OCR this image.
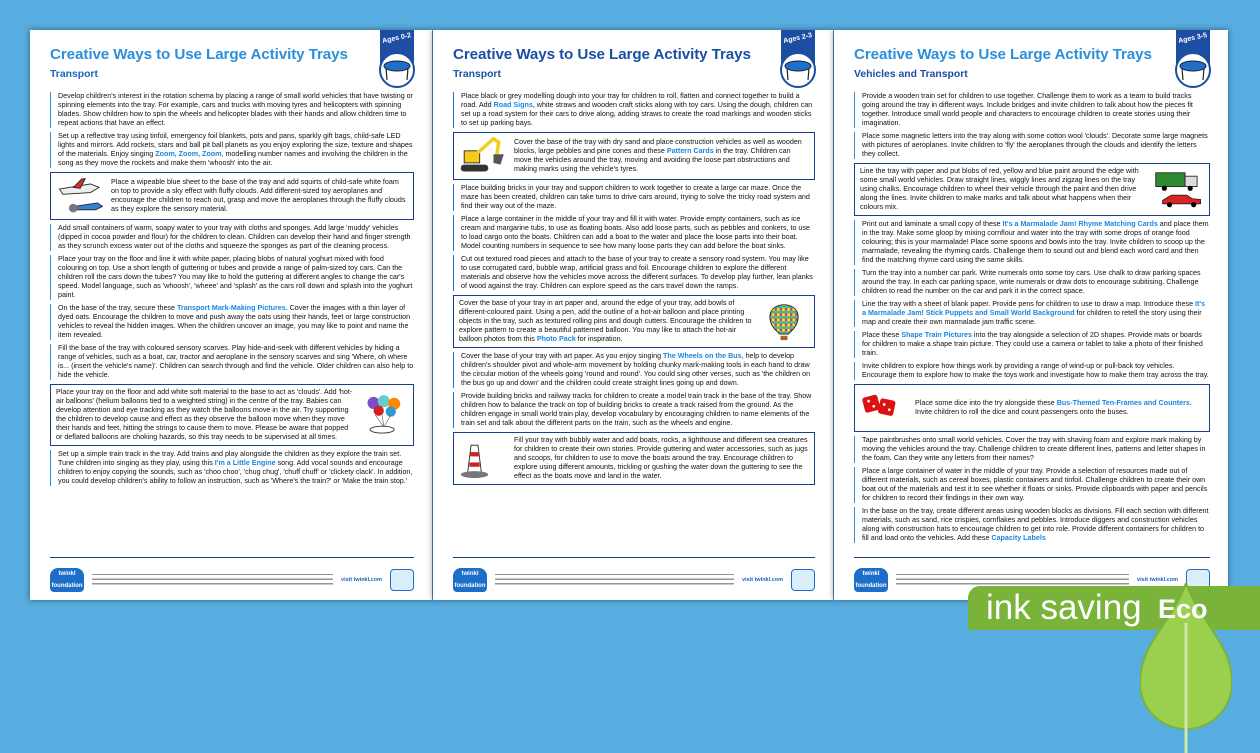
Creative Ways to Use Large Activity Trays
Transport
Ages 0-2
Develop children's interest in the rotation schema by placing a range of small world vehicles that have twisting or spinning elements into the tray. For example, cars and trucks with moving tyres and helicopters with spinning blades. Show children how to spin the wheels and helicopter blades with their hands and allow children time to repeat actions that have an effect.
Set up a reflective tray using tinfoil, emergency foil blankets, pots and pans, sparkly gift bags, child-safe LED lights and mirrors. Add rockets, stars and ball pit ball planets as you enjoy exploring the size, texture and shapes of the materials. Enjoy singing Zoom, Zoom, Zoom, modelling number names and involving the children in the song as they move the rockets and make them 'whoosh' into the air.
Place a wipeable blue sheet to the base of the tray and add squirts of child-safe white foam on top to provide a sky effect with fluffy clouds. Add different-sized toy aeroplanes and encourage the children to reach out, grasp and move the aeroplanes through the fluffy clouds as they explore the sensory material.
Add small containers of warm, soapy water to your tray with cloths and sponges. Add large 'muddy' vehicles (dipped in cocoa powder and flour) for the children to clean. Children can develop their hand and finger strength as they scrunch excess water out of the cloths and squeeze the sponges as part of the cleaning process.
Place your tray on the floor and line it with white paper, placing blobs of natural yoghurt mixed with food colouring on top. Use a short length of guttering or tubes and provide a range of palm-sized toy cars. Can the children roll the cars down the tubes? You may like to hold the guttering at different angles to change the car's speed. Model language, such as 'whoosh', 'wheee' and 'splash' as the cars roll down and splash into the yoghurt paint.
On the base of the tray, secure these Transport Mark-Making Pictures. Cover the images with a thin layer of dyed oats. Encourage the children to move and push away the oats using their hands, feet or large construction vehicles to reveal the hidden images. When the children uncover an image, you may like to point and name the item revealed.
Fill the base of the tray with coloured sensory scarves. Play hide-and-seek with different vehicles by hiding a range of vehicles, such as a boat, car, tractor and aeroplane in the sensory scarves and sing 'Where, oh where is... (insert the vehicle's name)'. Children can search through and find the vehicle. Older children can also help to hide the vehicle.
Place your tray on the floor and add white soft material to the base to act as 'clouds'. Add 'hot-air balloons' (helium balloons tied to a weighted string) in the centre of the tray. Babies can develop attention and eye tracking as they watch the balloons move in the air. Try supporting the children to develop cause and effect as they observe the balloon move when they move their hands and feet, hitting the strings to cause them to move. Please be aware that popped or deflated balloons are choking hazards, so this tray needs to be supervised at all times.
Set up a simple train track in the tray. Add trains and play alongside the children as they explore the train set. Tune children into singing as they play, using this I'm a Little Engine song. Add vocal sounds and encourage children to enjoy copying the sounds, such as 'choo choo', 'chug chug', 'chuff chuff' or 'clickety clack'. In addition, you could develop children's ability to follow an instruction, such as 'Where's the train?' or 'Make the train stop.'
twinkl foundation
visit twinkl.com
Creative Ways to Use Large Activity Trays
Transport
Ages 2-3
Place black or grey modelling dough into your tray for children to roll, flatten and connect together to build a road. Add Road Signs, white straws and wooden craft sticks along with toy cars. Using the dough, children can set up a road system for their cars to drive along, adding straws to create the road markings and wooden sticks to set up parking bays.
Cover the base of the tray with dry sand and place construction vehicles as well as wooden blocks, large pebbles and pine cones and these Pattern Cards in the tray. Children can move the vehicles around the tray, moving and avoiding the loose part obstructions and making marks using the vehicle's tyres.
Place building bricks in your tray and support children to work together to create a large car maze. Once the maze has been created, children can take turns to drive cars around, trying to solve the tricky road system and find their way out of the maze.
Place a large container in the middle of your tray and fill it with water. Provide empty containers, such as ice cream and margarine tubs, to use as floating boats. Also add loose parts, such as pebbles and conkers, to use to load cargo onto the boats. Children can add a boat to the water and place the loose parts into their boat. Model counting numbers in sequence to see how many loose parts they can add before the boat sinks.
Cut out textured road pieces and attach to the base of your tray to create a sensory road system. You may like to use corrugated card, bubble wrap, artificial grass and foil. Encourage children to explore the different materials and observe how the vehicles move across the different surfaces. To develop play further, lean planks of wood against the tray. Children can explore speed as the cars travel down the ramps.
Cover the base of your tray in art paper and, around the edge of your tray, add bowls of different-coloured paint. Using a pen, add the outline of a hot-air balloon and place printing objects in the tray, such as textured rolling pins and dough cutters. Encourage the children to explore pattern to create a beautiful patterned balloon. You may like to attach the hot-air balloon photos from this Photo Pack for inspiration.
Cover the base of your tray with art paper. As you enjoy singing The Wheels on the Bus, help to develop children's shoulder pivot and whole-arm movement by holding chunky mark-making tools in each hand to draw the circular motion of the wheels going 'round and round'. You could sing other verses, such as 'the children on the bus go up and down' and the children could create straight lines going up and down.
Provide building bricks and railway tracks for children to create a model train track in the base of the tray. Show children how to balance the track on top of building bricks to create a track raised from the ground. As the children engage in small world train play, develop vocabulary by encouraging children to name elements of the train set and talk about the different parts on the train, such as the wheels and engine.
Fill your tray with bubbly water and add boats, rocks, a lighthouse and different sea creatures for children to create their own stories. Provide guttering and water accessories, such as jugs and scoops, for children to use to move the boats around the tray. Encourage children to explore using different amounts, trickling or gushing the water down the guttering to see the effect as the boats move and land in the water.
twinkl foundation
visit twinkl.com
Creative Ways to Use Large Activity Trays
Vehicles and Transport
Ages 3-5
Provide a wooden train set for children to use together. Challenge them to work as a team to build tracks going around the tray in different ways. Include bridges and invite children to talk about how the pieces fit together. Introduce small world people and characters to encourage children to create stories using their imagination.
Place some magnetic letters into the tray along with some cotton wool 'clouds'. Decorate some large magnets with pictures of aeroplanes. Invite children to 'fly' the aeroplanes through the clouds and identify the letters they collect.
Line the tray with paper and put blobs of red, yellow and blue paint around the edge with some small world vehicles. Draw straight lines, wiggly lines and zigzag lines on the tray using chalks. Encourage children to wheel their vehicle through the paint and then drive along the lines. Invite children to make marks and talk about what happens when their colours mix.
Print out and laminate a small copy of these It's a Marmalade Jam! Rhyme Matching Cards and place them in the tray. Make some gloop by mixing cornflour and water into the tray with some drops of orange food colouring; this is your marmalade! Place some spoons and bowls into the tray. Invite children to scoop up the marmalade, revealing the rhyming cards. Challenge them to sound out and blend each word card and then find the matching rhyme card using the same skills.
Turn the tray into a number car park. Write numerals onto some toy cars. Use chalk to draw parking spaces around the tray. In each car parking space, write numerals or draw dots to encourage subitising. Challenge children to read the number on the car and park it in the correct space.
Line the tray with a sheet of blank paper. Provide pens for children to use to draw a map. Introduce these It's a Marmalade Jam! Stick Puppets and Small World Background for children to retell the story using their map and create their own marmalade jam traffic scene.
Place these Shape Train Pictures into the tray alongside a selection of 2D shapes. Provide mats or boards for children to make a shape train picture. They could use a camera or tablet to take a photo of their finished train.
Invite children to explore how things work by providing a range of wind-up or pull-back toy vehicles. Encourage them to explore how to make the toys work and investigate how to make them tray across the tray.
Place some dice into the try alongside these Bus-Themed Ten-Frames and Counters. Invite children to roll the dice and count passengers onto the buses.
Tape paintbrushes onto small world vehicles. Cover the tray with shaving foam and explore mark making by moving the vehicles around the tray. Challenge children to create different lines, patterns and letter shapes in the foam. Can they write any letters from their names?
Place a large container of water in the middle of your tray. Provide a selection of resources made out of different materials, such as cereal boxes, plastic containers and tinfoil. Challenge children to create their own boat out of the materials and test it to see whether it floats or sinks. Provide clipboards with paper and pencils for children to record their findings in their own way.
In the base on the tray, create different areas using wooden blocks as divisions. Fill each section with different materials, such as sand, rice crispies, cornflakes and pebbles. Introduce diggers and construction vehicles along with construction hats to encourage children to get into role. Provide different containers for children to fill and load onto the vehicles. Add these Capacity Labels
twinkl foundation
visit twinkl.com
ink saving Eco
